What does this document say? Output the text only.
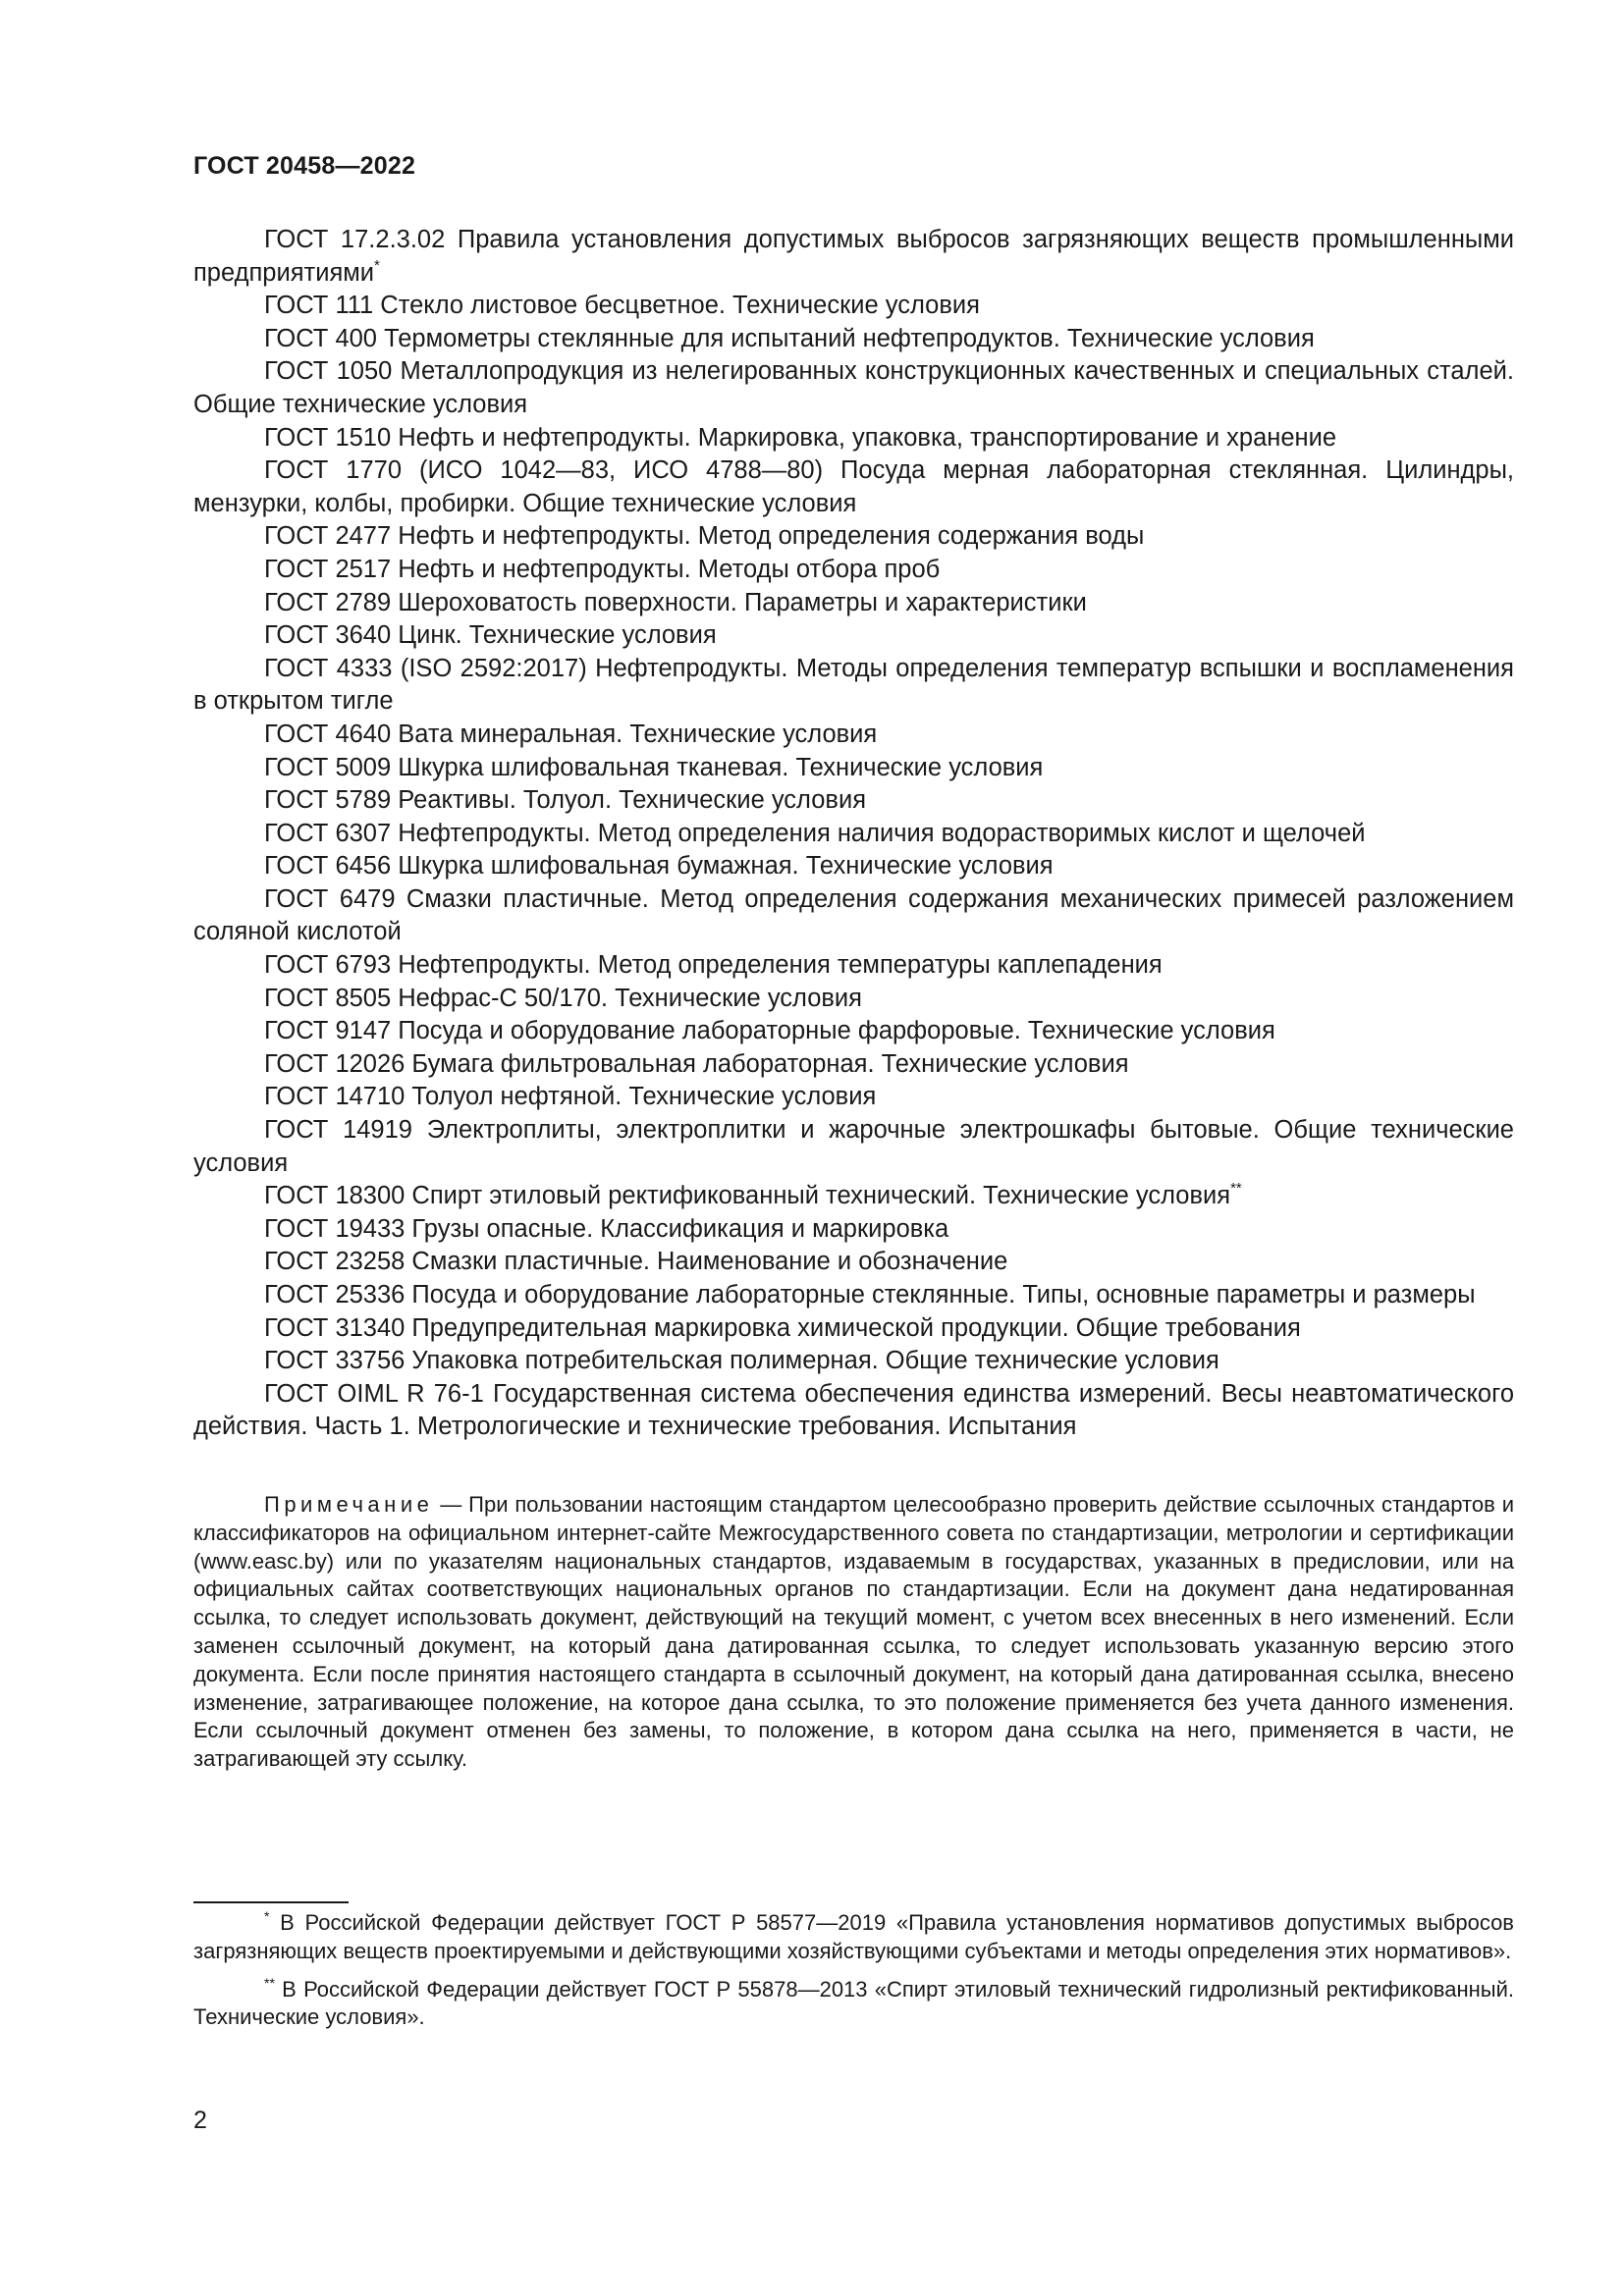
ГОСТ 20458—2022

ГОСТ 17.2.3.02 Правила установления допустимых выбросов загрязняющих веществ промышленными предприятиями*

ГОСТ 111 Стекло листовое бесцветное. Технические условия

ГОСТ 400 Термометры стеклянные для испытаний нефтепродуктов. Технические условия

ГОСТ 1050 Металлопродукция из нелегированных конструкционных качественных и специальных сталей. Общие технические условия

ГОСТ 1510 Нефть и нефтепродукты. Маркировка, упаковка, транспортирование и хранение

ГОСТ 1770 (ИСО 1042—83, ИСО 4788—80) Посуда мерная лабораторная стеклянная. Цилиндры, мензурки, колбы, пробирки. Общие технические условия

ГОСТ 2477 Нефть и нефтепродукты. Метод определения содержания воды

ГОСТ 2517 Нефть и нефтепродукты. Методы отбора проб

ГОСТ 2789 Шероховатость поверхности. Параметры и характеристики

ГОСТ 3640 Цинк. Технические условия

ГОСТ 4333 (ISO 2592:2017) Нефтепродукты. Методы определения температур вспышки и воспламенения в открытом тигле

ГОСТ 4640 Вата минеральная. Технические условия

ГОСТ 5009 Шкурка шлифовальная тканевая. Технические условия

ГОСТ 5789 Реактивы. Толуол. Технические условия

ГОСТ 6307 Нефтепродукты. Метод определения наличия водорастворимых кислот и щелочей

ГОСТ 6456 Шкурка шлифовальная бумажная. Технические условия

ГОСТ 6479 Смазки пластичные. Метод определения содержания механических примесей разложением соляной кислотой

ГОСТ 6793 Нефтепродукты. Метод определения температуры каплепадения

ГОСТ 8505 Нефрас-С 50/170. Технические условия

ГОСТ 9147 Посуда и оборудование лабораторные фарфоровые. Технические условия

ГОСТ 12026 Бумага фильтровальная лабораторная. Технические условия

ГОСТ 14710 Толуол нефтяной. Технические условия

ГОСТ 14919 Электроплиты, электроплитки и жарочные электрошкафы бытовые. Общие технические условия

ГОСТ 18300 Спирт этиловый ректификованный технический. Технические условия**

ГОСТ 19433 Грузы опасные. Классификация и маркировка

ГОСТ 23258 Смазки пластичные. Наименование и обозначение

ГОСТ 25336 Посуда и оборудование лабораторные стеклянные. Типы, основные параметры и размеры

ГОСТ 31340 Предупредительная маркировка химической продукции. Общие требования

ГОСТ 33756 Упаковка потребительская полимерная. Общие технические условия

ГОСТ OIML R 76-1 Государственная система обеспечения единства измерений. Весы неавтоматического действия. Часть 1. Метрологические и технические требования. Испытания

Примечание — При пользовании настоящим стандартом целесообразно проверить действие ссылочных стандартов и классификаторов на официальном интернет-сайте Межгосударственного совета по стандартизации, метрологии и сертификации (www.easc.by) или по указателям национальных стандартов, издаваемым в государствах, указанных в предисловии, или на официальных сайтах соответствующих национальных органов по стандартизации. Если на документ дана недатированная ссылка, то следует использовать документ, действующий на текущий момент, с учетом всех внесенных в него изменений. Если заменен ссылочный документ, на который дана датированная ссылка, то следует использовать указанную версию этого документа. Если после принятия настоящего стандарта в ссылочный документ, на который дана датированная ссылка, внесено изменение, затрагивающее положение, на которое дана ссылка, то это положение применяется без учета данного изменения. Если ссылочный документ отменен без замены, то положение, в котором дана ссылка на него, применяется в части, не затрагивающей эту ссылку.

* В Российской Федерации действует ГОСТ Р 58577—2019 «Правила установления нормативов допустимых выбросов загрязняющих веществ проектируемыми и действующими хозяйствующими субъектами и методы определения этих нормативов».

** В Российской Федерации действует ГОСТ Р 55878—2013 «Спирт этиловый технический гидролизный ректификованный. Технические условия».

2
